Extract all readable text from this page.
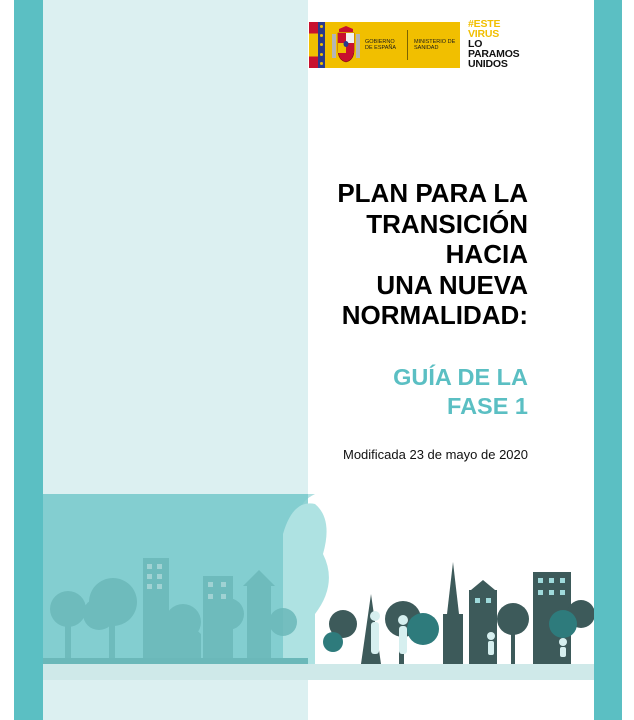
GOBIERNO DE ESPAÑA
MINISTERIO DE SANIDAD
#ESTE
VIRUS
LO
PARAMOS
UNIDOS
PLAN PARA LA
TRANSICIÓN
HACIA
UNA NUEVA
NORMALIDAD:
GUÍA DE LA
FASE 1
Modificada 23 de mayo de 2020
